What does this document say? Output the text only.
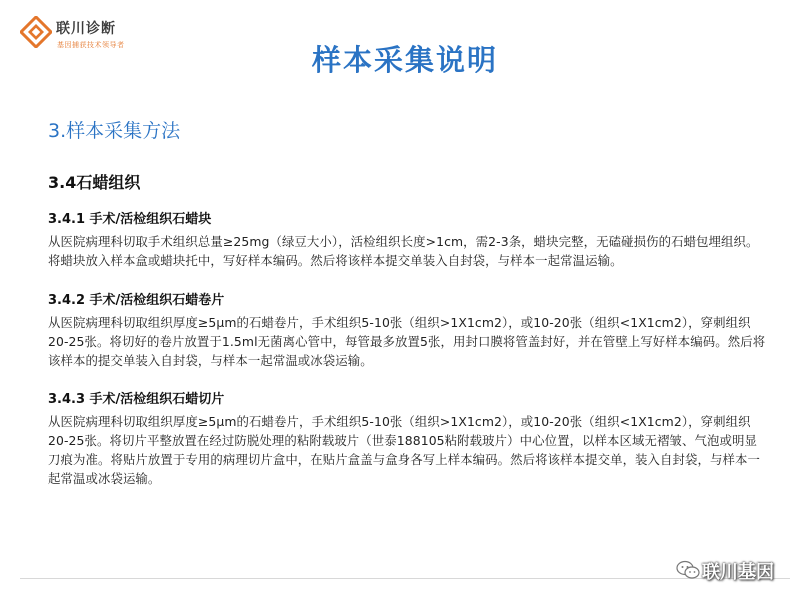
联川诊断
基因捕获技术领导者	样本采集说明
3.样本采集方法
3.4石蜡组织
3.4.1 手术/活检组织石蜡块

从医院病理科切取手术组织总量≥25mg（绿豆大小），活检组织长度>1cm，需2-3条，蜡块完整，无磕碰损伤的石蜡包埋组织。将蜡块放入样本盒或蜡块托中，写好样本编码。然后将该样本提交单装入自封袋，与样本一起常温运输。

3.4.2 手术/活检组织石蜡卷片

从医院病理科切取组织厚度≥5μm的石蜡卷片，手术组织5-10张（组织>1X1cm2），或10-20张（组织<1X1cm2），穿刺组织20-25张。将切好的卷片放置于1.5ml无菌离心管中，每管最多放置5张，用封口膜将管盖封好，并在管壁上写好样本编码。然后将该样本的提交单装入自封袋，与样本一起常温或冰袋运输。

3.4.3 手术/活检组织石蜡切片

从医院病理科切取组织厚度≥5μm的石蜡卷片，手术组织5-10张（组织>1X1cm2），或10-20张（组织<1X1cm2），穿刺组织20-25张。将切片平整放置在经过防脱处理的粘附载玻片（世泰188105粘附载玻片）中心位置，以样本区域无褶皱、气泡或明显刀痕为准。将贴片放置于专用的病理切片盒中，在贴片盒盖与盒身各写上样本编码。然后将该样本提交单，装入自封袋，与样本一起常温或冰袋运输。

联川基因
